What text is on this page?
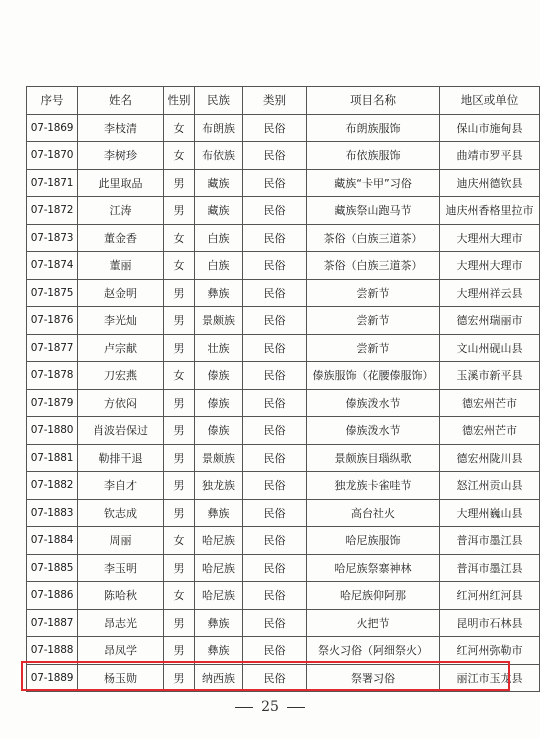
序号	姓名	性别	民族	类别	项目名称	地区或单位
07-1869	李枝清	女	布朗族	民俗	布朗族服饰	保山市施甸县
07-1870	李树珍	女	布依族	民俗	布依族服饰	曲靖市罗平县
07-1871	此里取品	男	藏族	民俗	藏族“卡甲”习俗	迪庆州德钦县
07-1872	江涛	男	藏族	民俗	藏族祭山跑马节	迪庆州香格里拉市
07-1873	董金香	女	白族	民俗	茶俗（白族三道茶）	大理州大理市
07-1874	董丽	女	白族	民俗	茶俗（白族三道茶）	大理州大理市
07-1875	赵金明	男	彝族	民俗	尝新节	大理州祥云县
07-1876	李光灿	男	景颇族	民俗	尝新节	德宏州瑞丽市
07-1877	卢宗献	男	壮族	民俗	尝新节	文山州砚山县
07-1878	刀宏燕	女	傣族	民俗	傣族服饰（花腰傣服饰）	玉溪市新平县
07-1879	方依闷	男	傣族	民俗	傣族泼水节	德宏州芒市
07-1880	肖波岩保过	男	傣族	民俗	傣族泼水节	德宏州芒市
07-1881	勒排干退	男	景颇族	民俗	景颇族目瑙纵歌	德宏州陇川县
07-1882	李自才	男	独龙族	民俗	独龙族卡雀哇节	怒江州贡山县
07-1883	钦志成	男	彝族	民俗	高台社火	大理州巍山县
07-1884	周丽	女	哈尼族	民俗	哈尼族服饰	普洱市墨江县
07-1885	李玉明	男	哈尼族	民俗	哈尼族祭寨神林	普洱市墨江县
07-1886	陈哈秋	女	哈尼族	民俗	哈尼族仰阿那	红河州红河县
07-1887	昂志光	男	彝族	民俗	火把节	昆明市石林县
07-1888	昂凤学	男	彝族	民俗	祭火习俗（阿细祭火）	红河州弥勒市
07-1889	杨玉勋	男	纳西族	民俗	祭署习俗	丽江市玉龙县
25
